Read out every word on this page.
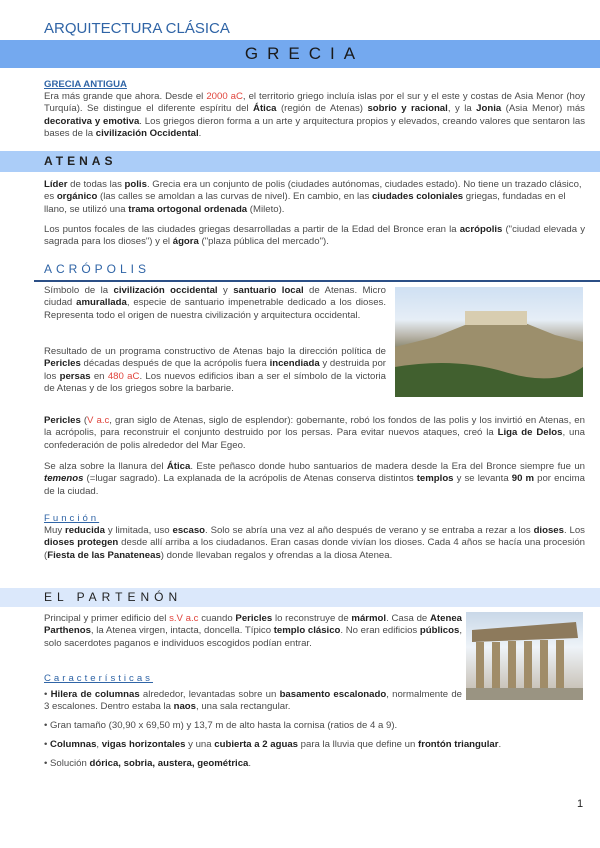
ARQUITECTURA CLÁSICA
GRECIA
GRECIA ANTIGUA
Era más grande que ahora. Desde el 2000 aC, el territorio griego incluía islas por el sur y el este y costas de Asia Menor (hoy Turquía). Se distingue el diferente espíritu del Ática (región de Atenas) sobrio y racional, y la Jonia (Asia Menor) más decorativa y emotiva. Los griegos dieron forma a un arte y arquitectura propios y elevados, creando valores que sentaron las bases de la civilización Occidental.
ATENAS
Líder de todas las polis. Grecia era un conjunto de polis (ciudades autónomas, ciudades estado). No tiene un trazado clásico, es orgánico (las calles se amoldan a las curvas de nivel). En cambio, en las ciudades coloniales griegas, fundadas en el llano, se utilizó una trama ortogonal ordenada (Mileto).
Los puntos focales de las ciudades griegas desarrolladas a partir de la Edad del Bronce eran la acrópolis ("ciudad elevada y sagrada para los dioses") y el ágora ("plaza pública del mercado").
ACRÓPOLIS
Símbolo de la civilización occidental y santuario local de Atenas. Micro ciudad amurallada, especie de santuario impenetrable dedicado a los dioses. Representa todo el origen de nuestra civilización y arquitectura occidental.
Resultado de un programa constructivo de Atenas bajo la dirección política de Pericles décadas después de que la acrópolis fuera incendiada y destruida por los persas en 480 aC. Los nuevos edificios iban a ser el símbolo de la victoria de Atenas y de los griegos sobre la barbarie.
Pericles (V a.c, gran siglo de Atenas, siglo de esplendor): gobernante, robó los fondos de las polis y los invirtió en Atenas, en la acrópolis, para reconstruir el conjunto destruido por los persas. Para evitar nuevos ataques, creó la Liga de Delos, una confederación de polis alrededor del Mar Egeo.
Se alza sobre la llanura del Ática. Este peñasco donde hubo santuarios de madera desde la Era del Bronce siempre fue un temenos (=lugar sagrado). La explanada de la acrópolis de Atenas conserva distintos templos y se levanta 90 m por encima de la ciudad.
Función
Muy reducida y limitada, uso escaso. Solo se abría una vez al año después de verano y se entraba a rezar a los dioses. Los dioses protegen desde allí arriba a los ciudadanos. Eran casas donde vivían los dioses. Cada 4 años se hacía una procesión (Fiesta de las Panateneas) donde llevaban regalos y ofrendas a la diosa Atenea.
EL PARTENÓN
Principal y primer edificio del s.V a.c cuando Pericles lo reconstruye de mármol. Casa de Atenea Parthenos, la Atenea virgen, intacta, doncella. Típico templo clásico. No eran edificios públicos, solo sacerdotes paganos e individuos escogidos podían entrar.
Características
• Hilera de columnas alrededor, levantadas sobre un basamento escalonado, normalmente de 3 escalones. Dentro estaba la naos, una sala rectangular.
• Gran tamaño (30,90 x 69,50 m) y 13,7 m de alto hasta la cornisa (ratios de 4 a 9).
• Columnas, vigas horizontales y una cubierta a 2 aguas para la lluvia que define un frontón triangular.
• Solución dórica, sobria, austera, geométrica.
1
